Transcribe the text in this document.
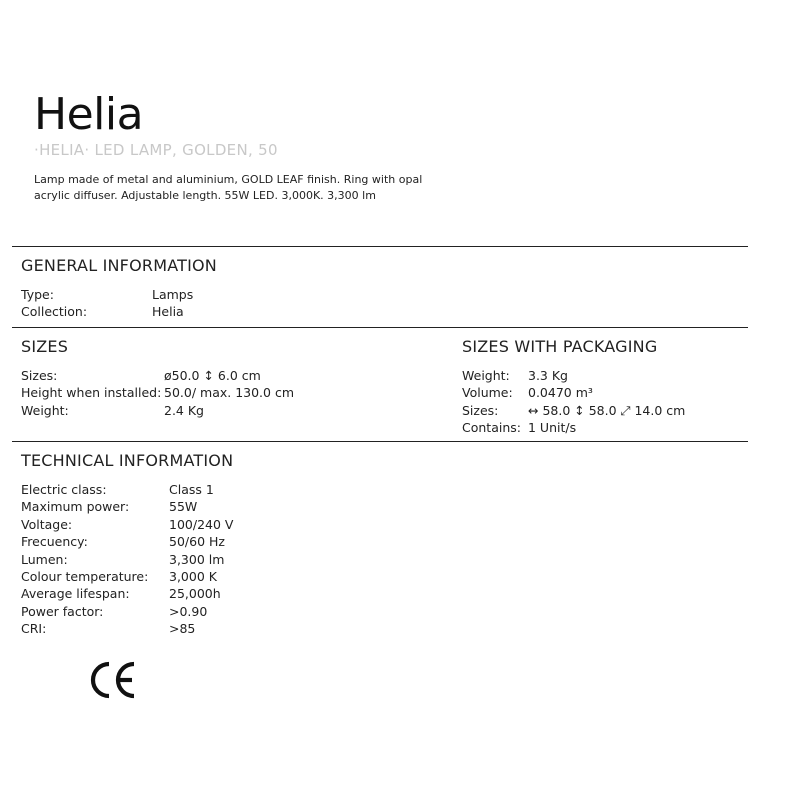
Helia
·HELIA· LED LAMP, GOLDEN, 50
Lamp made of metal and aluminium, GOLD LEAF finish. Ring with opal acrylic diffuser. Adjustable length. 55W LED. 3,000K. 3,300 lm
GENERAL INFORMATION
Type:	Lamps
Collection:	Helia
SIZES
Sizes:	ø50.0 ↕ 6.0 cm
Height when installed: 50.0/ max. 130.0 cm
Weight:	2.4 Kg
SIZES WITH PACKAGING
Weight:	3.3 Kg
Volume:	0.0470 m³
Sizes:	↔ 58.0 ↕ 58.0 ⤢ 14.0 cm
Contains: 1 Unit/s
TECHNICAL INFORMATION
Electric class:	Class 1
Maximum power:	55W
Voltage:	100/240 V
Frecuency:	50/60 Hz
Lumen:	3,300 lm
Colour temperature:	3,000 K
Average lifespan:	25,000h
Power factor:	>0.90
CRI:	>85
